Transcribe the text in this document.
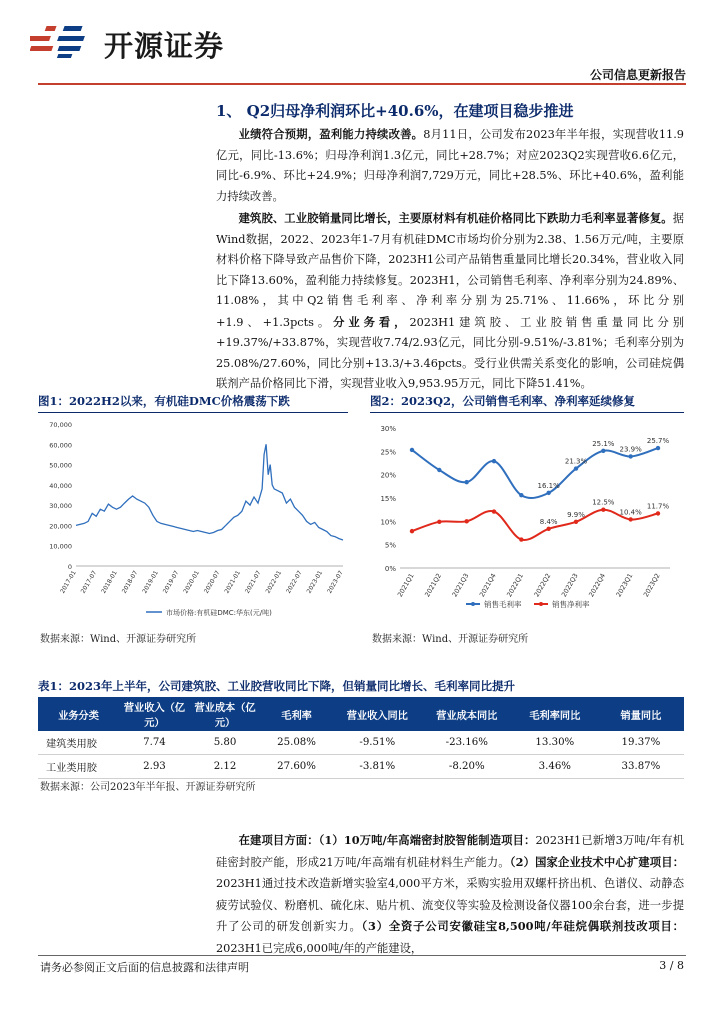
开源证券
公司信息更新报告
1、 Q2归母净利润环比+40.6%，在建项目稳步推进
业绩符合预期，盈利能力持续改善。8月11日，公司发布2023年半年报，实现营收11.9亿元，同比-13.6%；归母净利润1.3亿元，同比+28.7%；对应2023Q2实现营收6.6亿元，同比-6.9%、环比+24.9%；归母净利润7,729万元，同比+28.5%、环比+40.6%，盈利能力持续改善。
建筑胶、工业胶销量同比增长，主要原材料有机硅价格同比下跌助力毛利率显著修复。据Wind数据，2022、2023年1-7月有机硅DMC市场均价分别为2.38、1.56万元/吨，主要原材料价格下降导致产品售价下降，2023H1公司产品销售重量同比增长20.34%，营业收入同比下降13.60%，盈利能力持续修复。2023H1，公司销售毛利率、净利率分别为24.89%、11.08%，其中Q2销售毛利率、净利率分别为25.71%、11.66%，环比分别+1.9、+1.3pcts。分业务看，2023H1建筑胶、工业胶销售重量同比分别+19.37%/+33.87%，实现营收7.74/2.93亿元，同比分别-9.51%/-3.81%；毛利率分别为25.08%/27.60%，同比分别+13.3/+3.46pcts。受行业供需关系变化的影响，公司硅烷偶联剂产品价格同比下滑，实现营业收入9,953.95万元，同比下降51.41%。
图1：2022H2以来，有机硅DMC价格震荡下跌
70,000
60,000
50,000
40,000
30,000
20,000
10,000
0
2017-01 2017-07 2018-01 2018-07 2019-01 2019-07 2020-01 2020-07 2021-01 2021-07 2022-01 2022-07 2023-01 2023-07
市场价格:有机硅DMC:华东(元/吨)
数据来源：Wind、开源证券研究所
图2：2023Q2，公司销售毛利率、净利率延续修复
30%
25%
20%
15%
10%
5%
0%
2021Q1 2021Q2 2021Q3 2021Q4 2022Q1 2022Q2 2022Q3 2022Q4 2023Q1 2023Q2
16.1%
21.3%
25.1%
23.9%
25.7%
销售毛利率
8.4%
9.9%
12.5%
10.4%
11.7%
销售净利率
数据来源：Wind、开源证券研究所
表1：2023年上半年，公司建筑胶、工业胶营收同比下降，但销量同比增长、毛利率同比提升
业务分类	营业收入（亿元）	营业成本（亿元）	毛利率	营业收入同比	营业成本同比	毛利率同比	销量同比
建筑类用胶	7.74	5.80	25.08%	-9.51%	-23.16%	13.30%	19.37%
工业类用胶	2.93	2.12	27.60%	-3.81%	-8.20%	3.46%	33.87%
数据来源：公司2023年半年报、开源证券研究所
在建项目方面：（1）10万吨/年高端密封胶智能制造项目：2023H1已新增3万吨/年有机硅密封胶产能，形成21万吨/年高端有机硅材料生产能力。（2）国家企业技术中心扩建项目：2023H1通过技术改造新增实验室4,000平方米，采购实验用双螺杆挤出机、色谱仪、动静态疲劳试验仪、粉磨机、硫化床、贴片机、流变仪等实验及检测设备仪器100余台套，进一步提升了公司的研发创新实力。（3）全资子公司安徽硅宝8,500吨/年硅烷偶联剂技改项目：2023H1已完成6,000吨/年的产能建设，
请务必参阅正文后面的信息披露和法律声明	3 / 8
